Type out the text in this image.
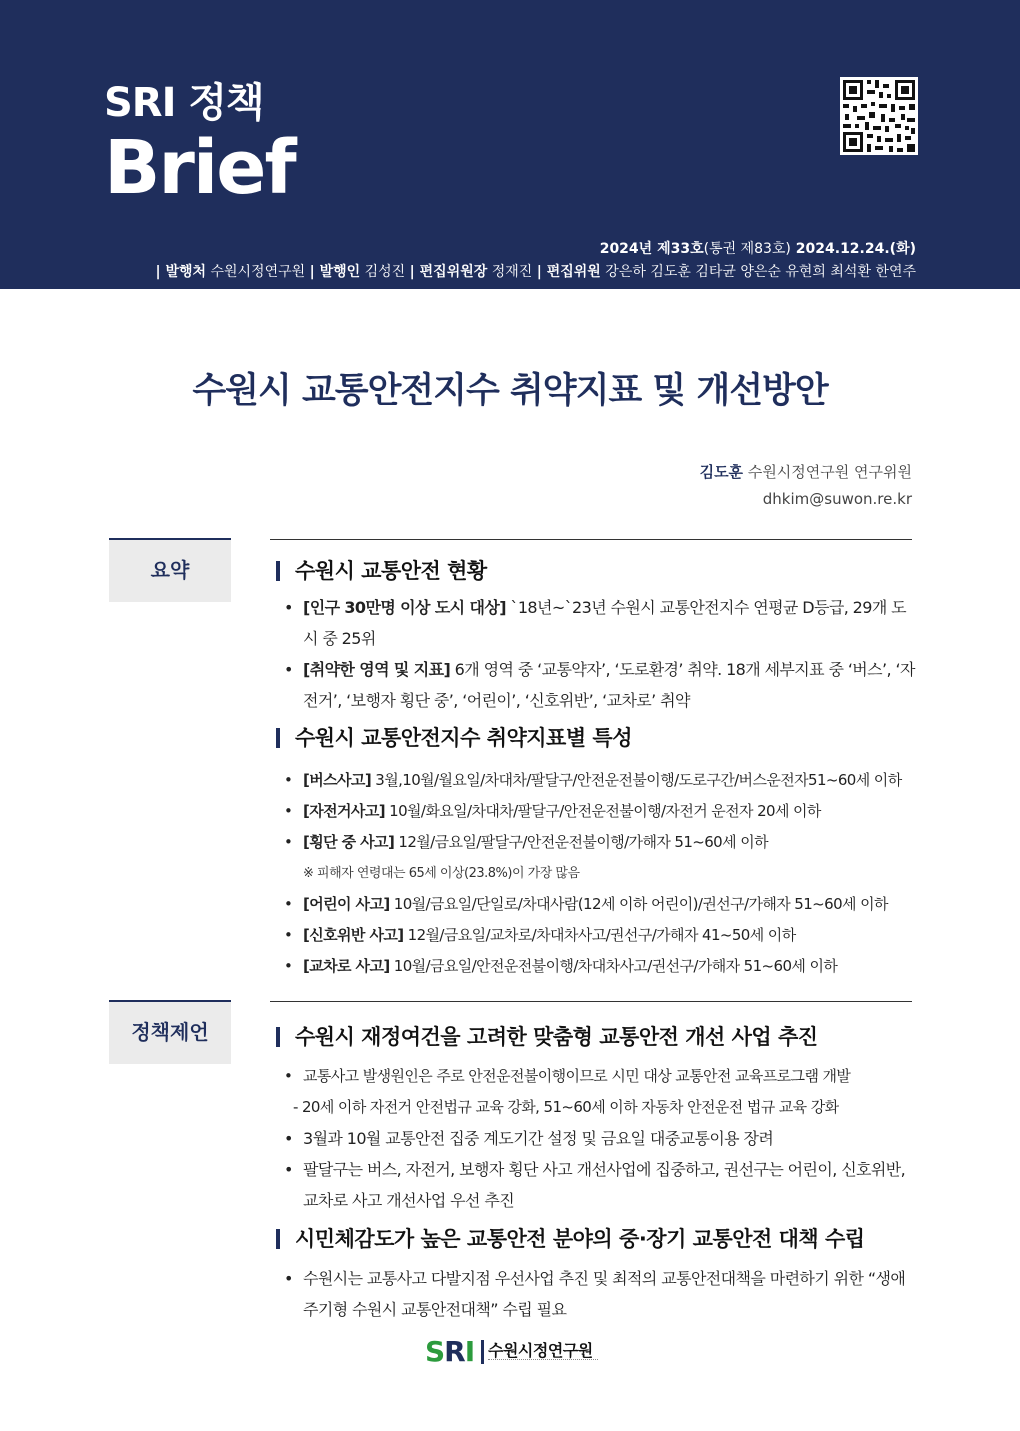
SRI 정책
Brief
2024년 제33호(통권 제83호) 2024.12.24.(화)
| 발행처 수원시정연구원 | 발행인 김성진 | 편집위원장 정재진 | 편집위원 강은하 김도훈 김타균 양은순 유현희 최석환 한연주
수원시 교통안전지수 취약지표 및 개선방안
김도훈 수원시정연구원 연구위원
dhkim@suwon.re.kr
요약	수원시 교통안전 현황
• [인구 30만명 이상 도시 대상] `18년~`23년 수원시 교통안전지수 연평균 D등급, 29개 도시 중 25위
• [취약한 영역 및 지표] 6개 영역 중 ‘교통약자’, ‘도로환경’ 취약. 18개 세부지표 중 ‘버스’, ‘자전거’, ‘보행자 횡단 중’, ‘어린이’, ‘신호위반’, ‘교차로’ 취약
수원시 교통안전지수 취약지표별 특성
• [버스사고] 3월,10월/월요일/차대차/팔달구/안전운전불이행/도로구간/버스운전자51~60세 이하
• [자전거사고] 10월/화요일/차대차/팔달구/안전운전불이행/자전거 운전자 20세 이하
• [횡단 중 사고] 12월/금요일/팔달구/안전운전불이행/가해자 51~60세 이하
※ 피해자 연령대는 65세 이상(23.8%)이 가장 많음
• [어린이 사고] 10월/금요일/단일로/차대사람(12세 이하 어린이)/권선구/가해자 51~60세 이하
• [신호위반 사고] 12월/금요일/교차로/차대차사고/권선구/가해자 41~50세 이하
• [교차로 사고] 10월/금요일/안전운전불이행/차대차사고/권선구/가해자 51~60세 이하
정책제언	수원시 재정여건을 고려한 맞춤형 교통안전 개선 사업 추진
• 교통사고 발생원인은 주로 안전운전불이행이므로 시민 대상 교통안전 교육프로그램 개발
- 20세 이하 자전거 안전법규 교육 강화, 51~60세 이하 자동차 안전운전 법규 교육 강화
• 3월과 10월 교통안전 집중 계도기간 설정 및 금요일 대중교통이용 장려
• 팔달구는 버스, 자전거, 보행자 횡단 사고 개선사업에 집중하고, 권선구는 어린이, 신호위반, 교차로 사고 개선사업 우선 추진
시민체감도가 높은 교통안전 분야의 중·장기 교통안전 대책 수립
• 수원시는 교통사고 다발지점 우선사업 추진 및 최적의 교통안전대책을 마련하기 위한 “생애주기형 수원시 교통안전대책” 수립 필요
SRI 수원시정연구원
